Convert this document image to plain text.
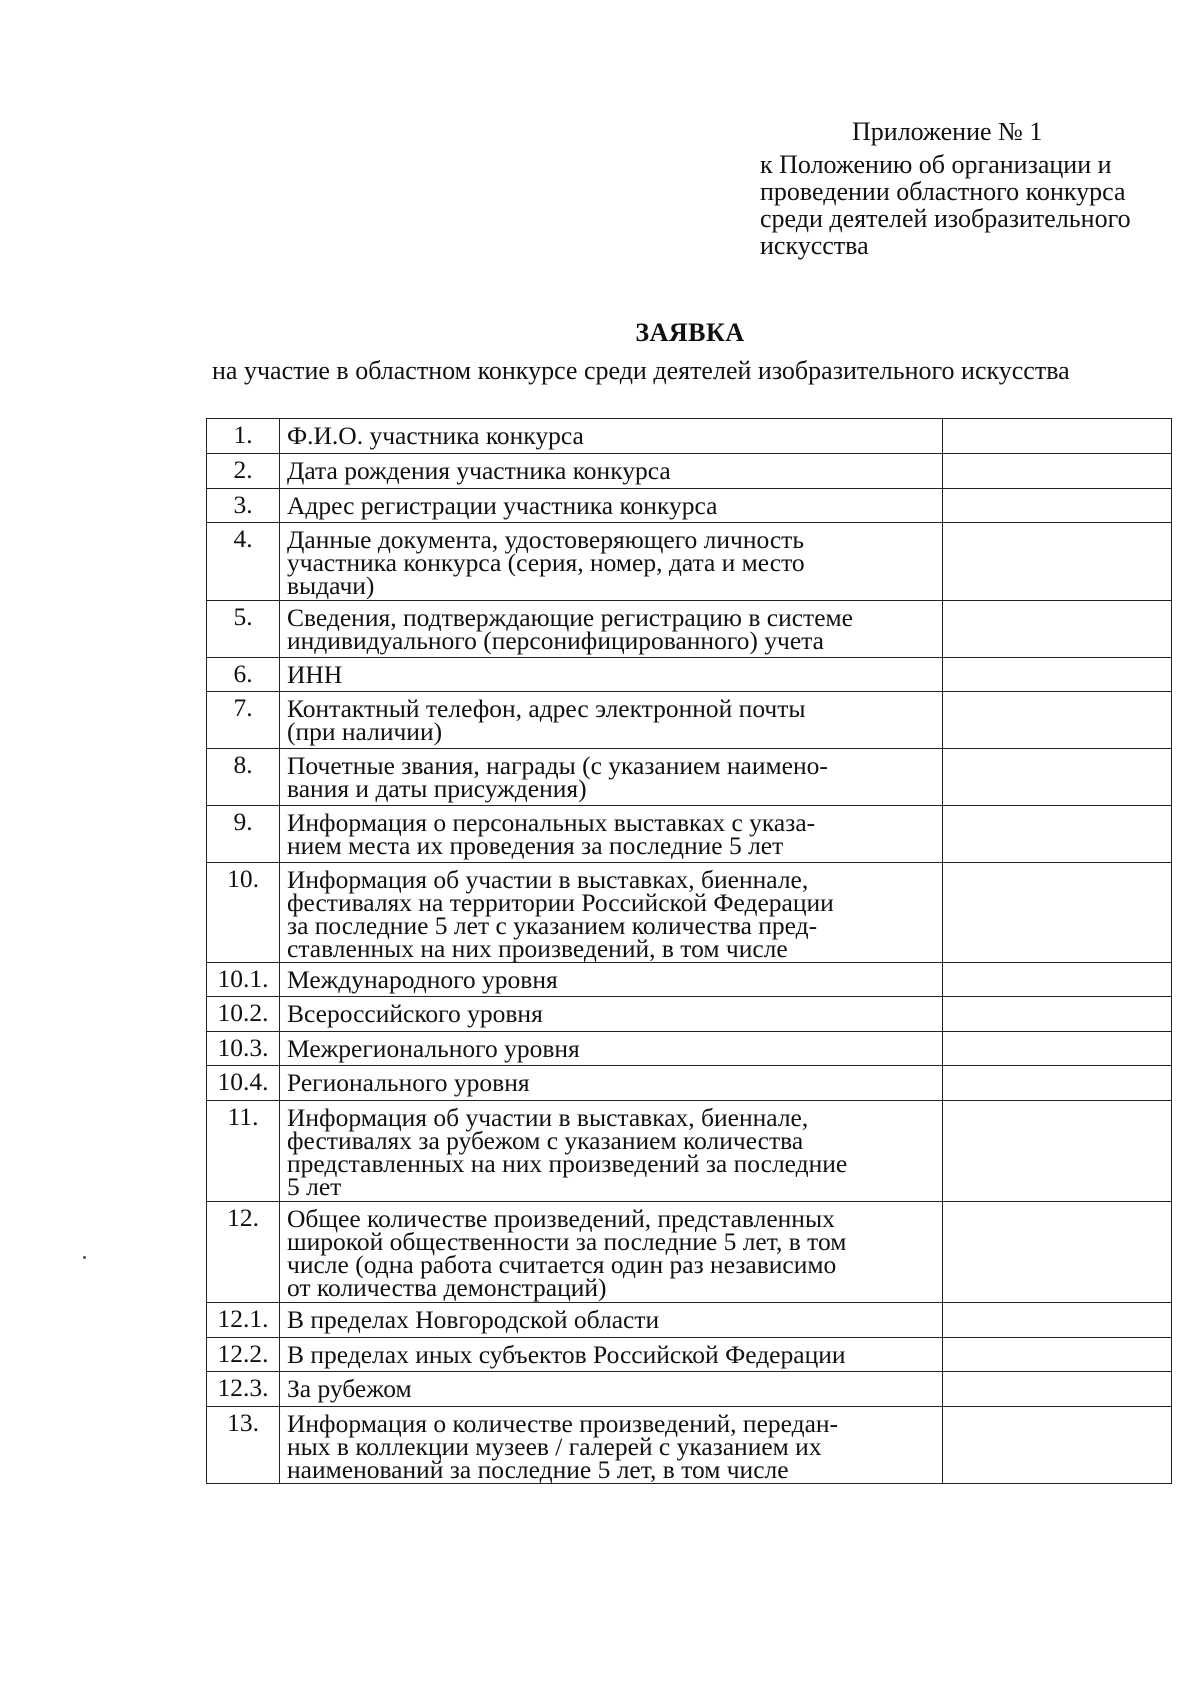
Приложение № 1
к Положению об организации и
проведении областного конкурса
среди деятелей изобразительного
искусства
ЗАЯВКА
на участие в областном конкурсе среди деятелей изобразительного искусства
1.	Ф.И.О. участника конкурса	
2.	Дата рождения участника конкурса	
3.	Адрес регистрации участника конкурса	
4.	Данные документа, удостоверяющего личность
участника конкурса (серия, номер, дата и место
выдачи)	
5.	Сведения, подтверждающие регистрацию в системе
индивидуального (персонифицированного) учета	
6.	ИНН	
7.	Контактный телефон, адрес электронной почты
(при наличии)	
8.	Почетные звания, награды (с указанием наимено-
вания и даты присуждения)	
9.	Информация о персональных выставках с указа-
нием места их проведения за последние 5 лет	
10.	Информация об участии в выставках, биеннале,
фестивалях на территории Российской Федерации
за последние 5 лет с указанием количества пред-
ставленных на них произведений, в том числе	
10.1.	Международного уровня	
10.2.	Всероссийского уровня	
10.3.	Межрегионального уровня	
10.4.	Регионального уровня	
11.	Информация об участии в выставках, биеннале,
фестивалях за рубежом с указанием количества
представленных на них произведений за последние
5 лет	
12.	Общее количестве произведений, представленных
широкой общественности за последние 5 лет, в том
числе (одна работа считается один раз независимо
от количества демонстраций)	
12.1.	В пределах Новгородской области	
12.2.	В пределах иных субъектов Российской Федерации	
12.3.	За рубежом	
13.	Информация о количестве произведений, передан-
ных в коллекции музеев / галерей с указанием их
наименований за последние 5 лет, в том числе	
